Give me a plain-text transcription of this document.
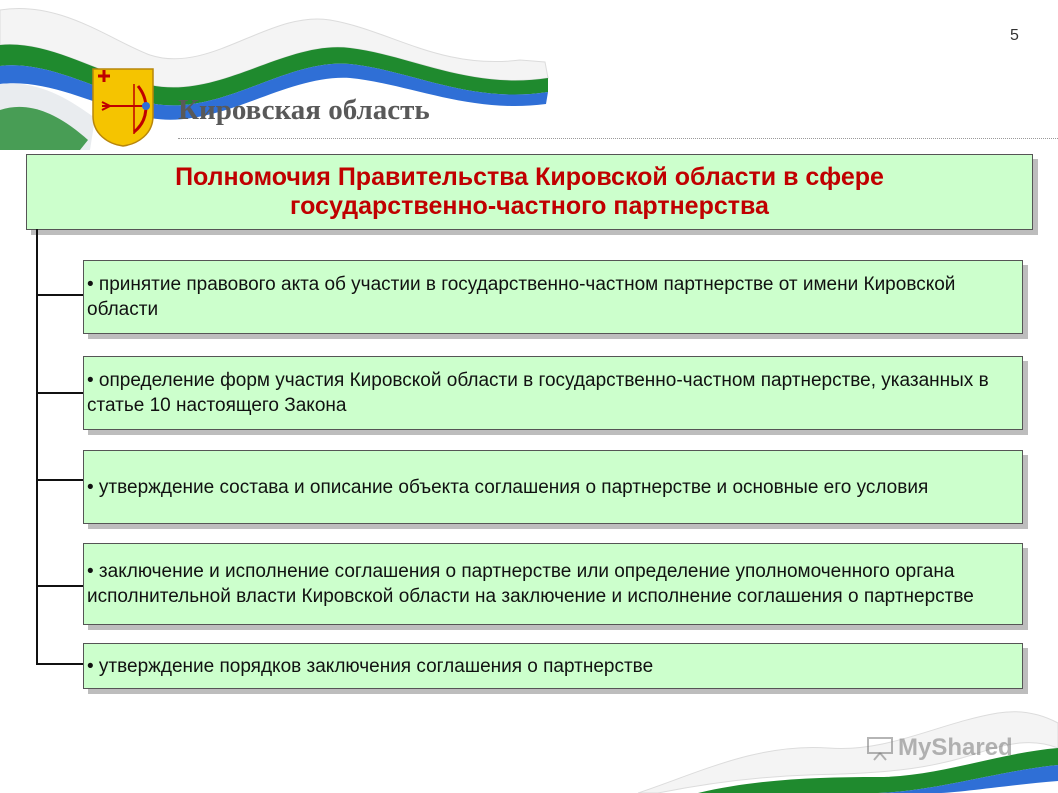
5
Кировская область
Полномочия Правительства Кировской области в сфере
государственно-частного партнерства
• принятие правового акта об участии в государственно-частном партнерстве от имени Кировской области
• определение форм участия Кировской области в государственно-частном партнерстве, указанных в статье 10 настоящего Закона
• утверждение состава и описание объекта соглашения о партнерстве и основные его условия
• заключение и исполнение соглашения о партнерстве или определение уполномоченного органа исполнительной власти Кировской области на заключение и исполнение соглашения о партнерстве
• утверждение порядков заключения соглашения о партнерстве
MyShared
